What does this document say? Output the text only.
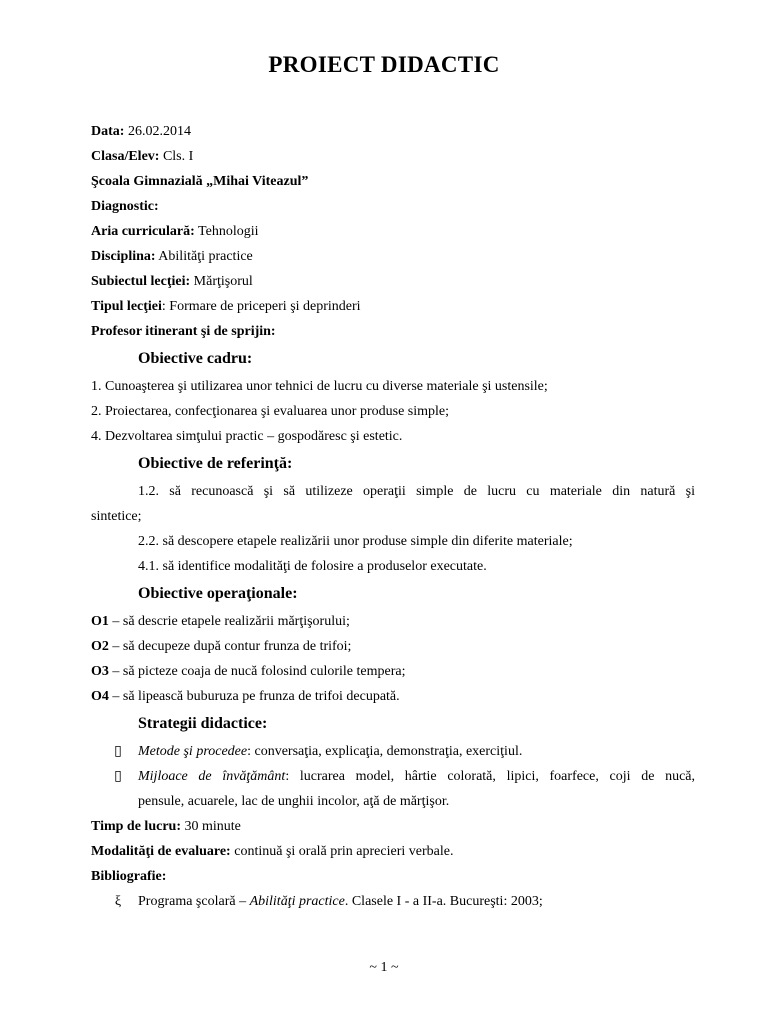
PROIECT DIDACTIC
Data: 26.02.2014
Clasa/Elev: Cls. I
Şcoala Gimnazială „Mihai Viteazul”
Diagnostic:
Aria curriculară: Tehnologii
Disciplina: Abilităţi practice
Subiectul lecţiei: Mărţişorul
Tipul lecţiei: Formare de priceperi şi deprinderi
Profesor itinerant şi de sprijin:
Obiective cadru:
1. Cunoaşterea şi utilizarea unor tehnici de lucru cu diverse materiale şi ustensile;
2. Proiectarea, confecţionarea şi evaluarea unor produse simple;
4. Dezvoltarea simţului practic – gospodăresc şi estetic.
Obiective de referinţă:
1.2. să recunoască şi să utilizeze operaţii simple de lucru cu materiale din natură şi
sintetice;
2.2. să descopere etapele realizării unor produse simple din diferite materiale;
4.1. să identifice modalităţi de folosire a produselor executate.
Obiective operaţionale:
O1 – să descrie etapele realizării mărţişorului;
O2 – să decupeze după contur frunza de trifoi;
O3 – să picteze coaja de nucă folosind culorile tempera;
O4 – să lipească buburuza pe frunza de trifoi decupată.
Strategii didactice:
▯ Metode şi procedee: conversaţia, explicaţia, demonstraţia, exerciţiul.
▯ Mijloace de învăţământ: lucrarea model, hârtie colorată, lipici, foarfece, coji de nucă,
pensule, acuarele, lac de unghii incolor, aţă de mărţişor.
Timp de lucru: 30 minute
Modalităţi de evaluare: continuă şi orală prin aprecieri verbale.
Bibliografie:
ξ Programa şcolară – Abilităţi practice. Clasele I - a II-a. Bucureşti: 2003;
~ 1 ~
